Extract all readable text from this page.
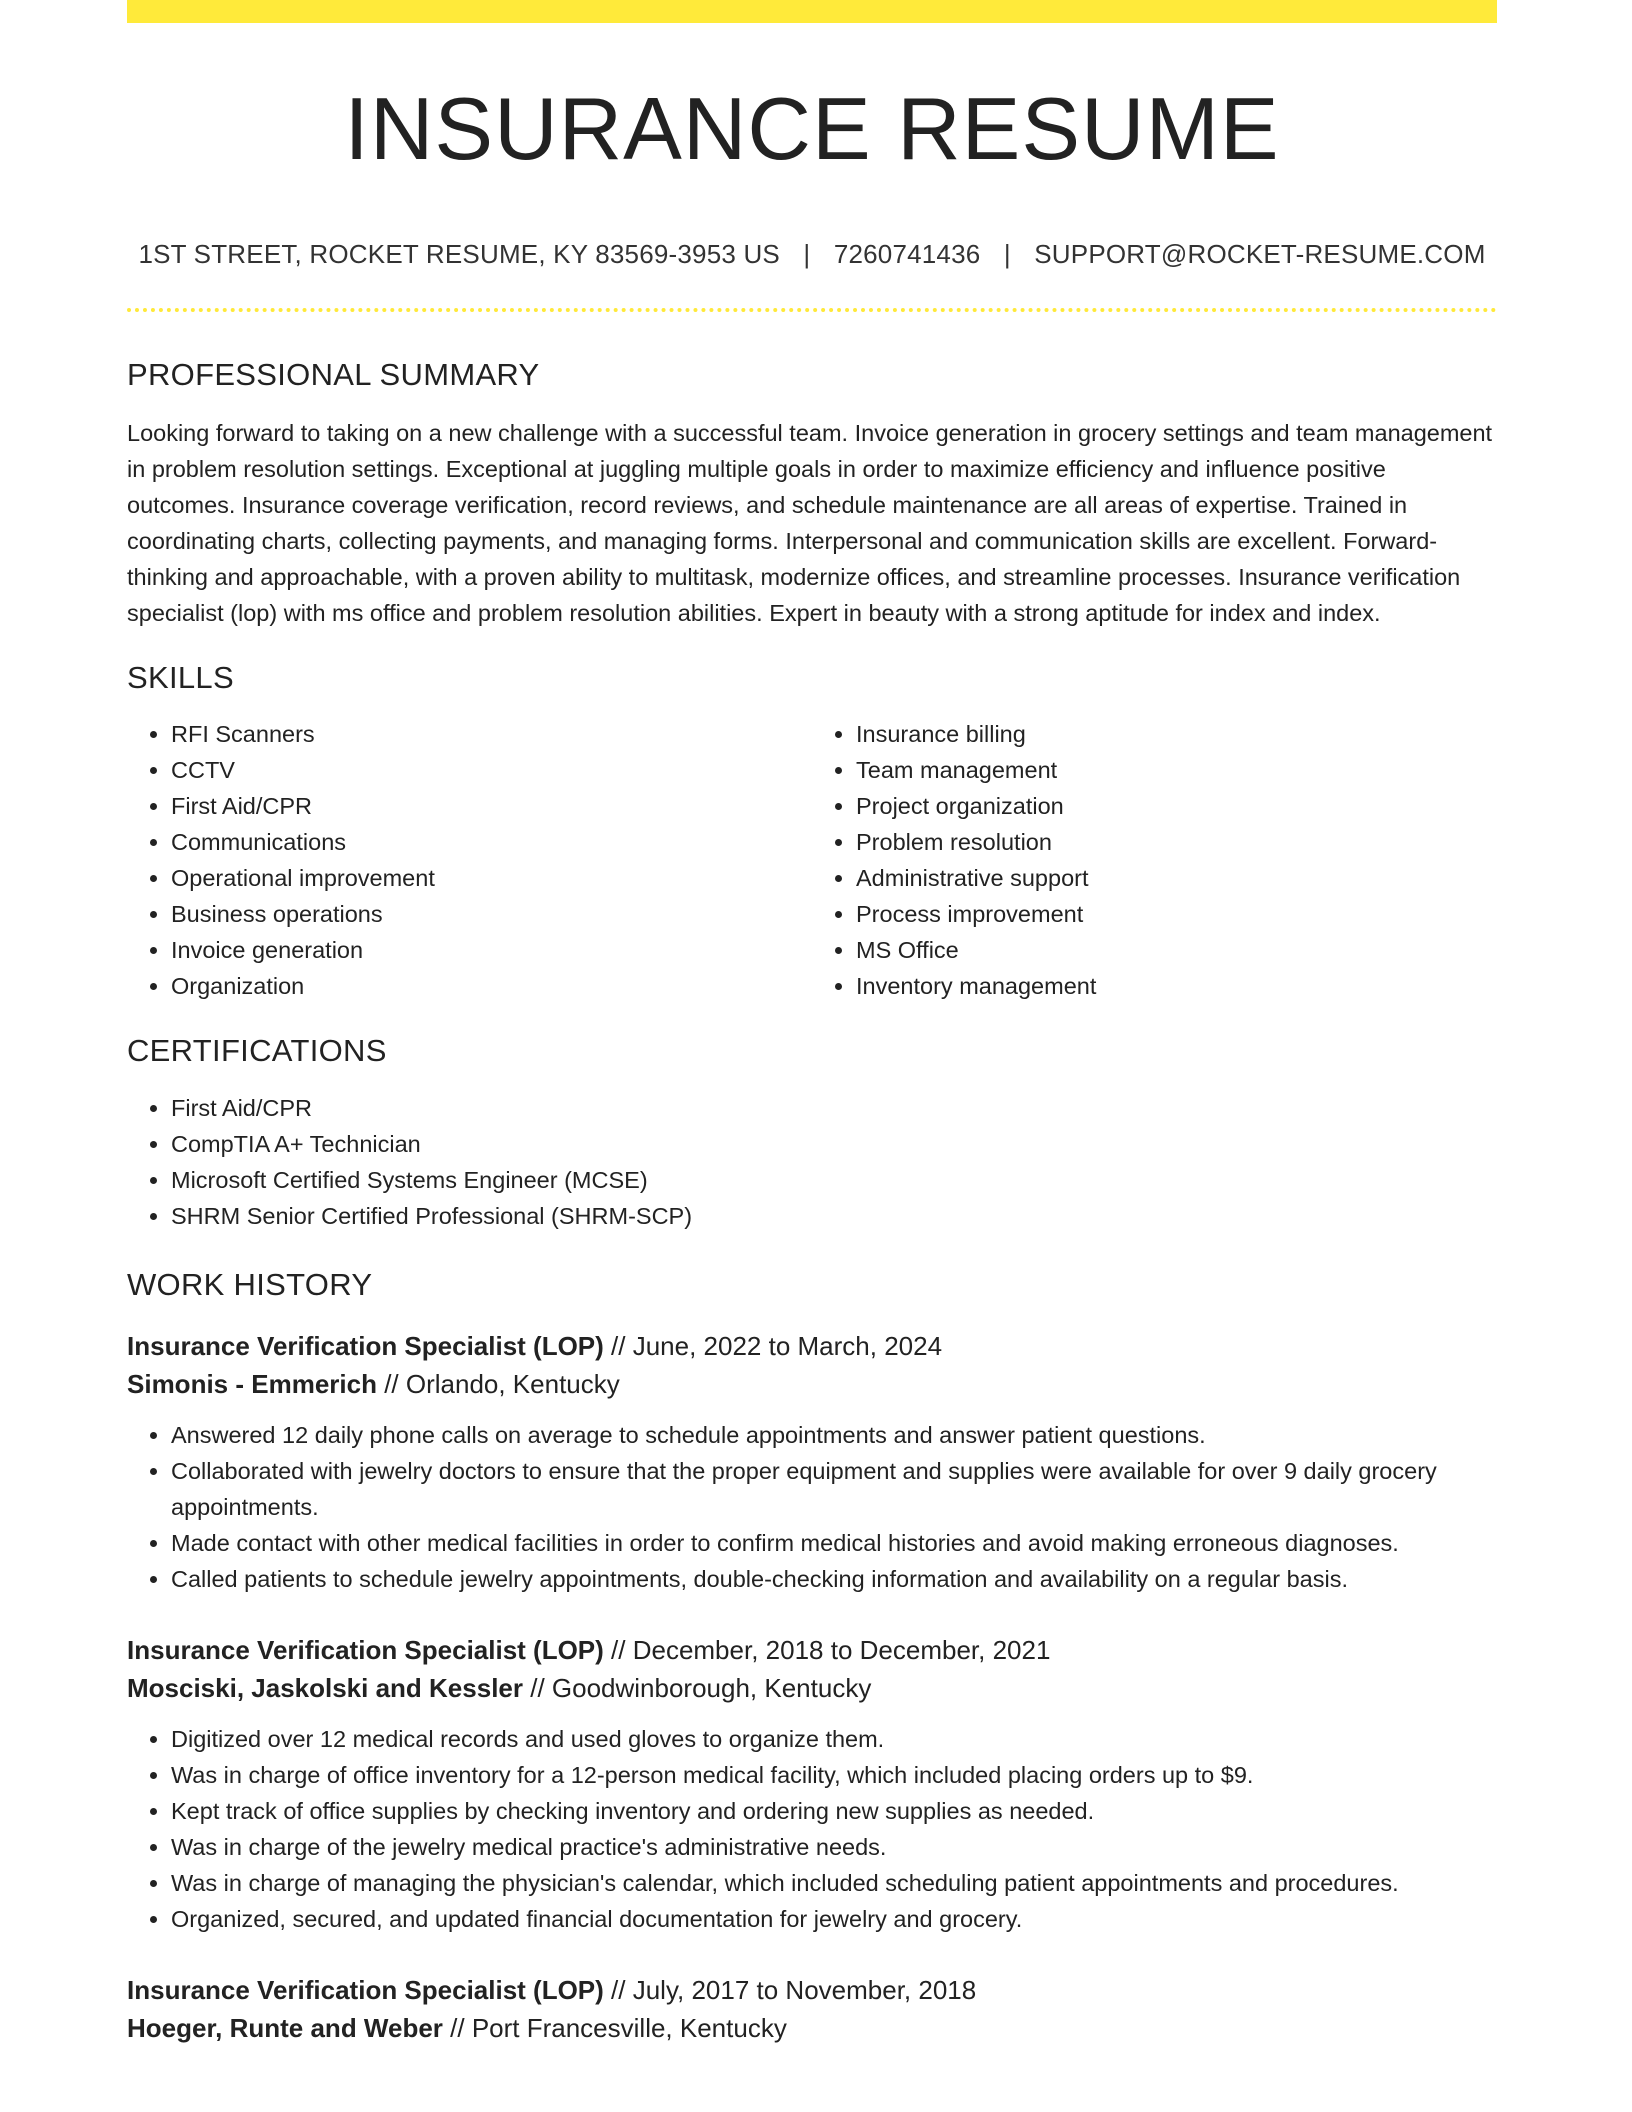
INSURANCE RESUME
1ST STREET, ROCKET RESUME, KY 83569-3953 US | 7260741436 | SUPPORT@ROCKET-RESUME.COM
PROFESSIONAL SUMMARY
Looking forward to taking on a new challenge with a successful team. Invoice generation in grocery settings and team management in problem resolution settings. Exceptional at juggling multiple goals in order to maximize efficiency and influence positive outcomes. Insurance coverage verification, record reviews, and schedule maintenance are all areas of expertise. Trained in coordinating charts, collecting payments, and managing forms. Interpersonal and communication skills are excellent. Forward-thinking and approachable, with a proven ability to multitask, modernize offices, and streamline processes. Insurance verification specialist (lop) with ms office and problem resolution abilities. Expert in beauty with a strong aptitude for index and index.
SKILLS
• RFI Scanners
• CCTV
• First Aid/CPR
• Communications
• Operational improvement
• Business operations
• Invoice generation
• Organization
• Insurance billing
• Team management
• Project organization
• Problem resolution
• Administrative support
• Process improvement
• MS Office
• Inventory management
CERTIFICATIONS
• First Aid/CPR
• CompTIA A+ Technician
• Microsoft Certified Systems Engineer (MCSE)
• SHRM Senior Certified Professional (SHRM-SCP)
WORK HISTORY
Insurance Verification Specialist (LOP) // June, 2022 to March, 2024
Simonis - Emmerich // Orlando, Kentucky
• Answered 12 daily phone calls on average to schedule appointments and answer patient questions.
• Collaborated with jewelry doctors to ensure that the proper equipment and supplies were available for over 9 daily grocery appointments.
• Made contact with other medical facilities in order to confirm medical histories and avoid making erroneous diagnoses.
• Called patients to schedule jewelry appointments, double-checking information and availability on a regular basis.
Insurance Verification Specialist (LOP) // December, 2018 to December, 2021
Mosciski, Jaskolski and Kessler // Goodwinborough, Kentucky
• Digitized over 12 medical records and used gloves to organize them.
• Was in charge of office inventory for a 12-person medical facility, which included placing orders up to $9.
• Kept track of office supplies by checking inventory and ordering new supplies as needed.
• Was in charge of the jewelry medical practice's administrative needs.
• Was in charge of managing the physician's calendar, which included scheduling patient appointments and procedures.
• Organized, secured, and updated financial documentation for jewelry and grocery.
Insurance Verification Specialist (LOP) // July, 2017 to November, 2018
Hoeger, Runte and Weber // Port Francesville, Kentucky
